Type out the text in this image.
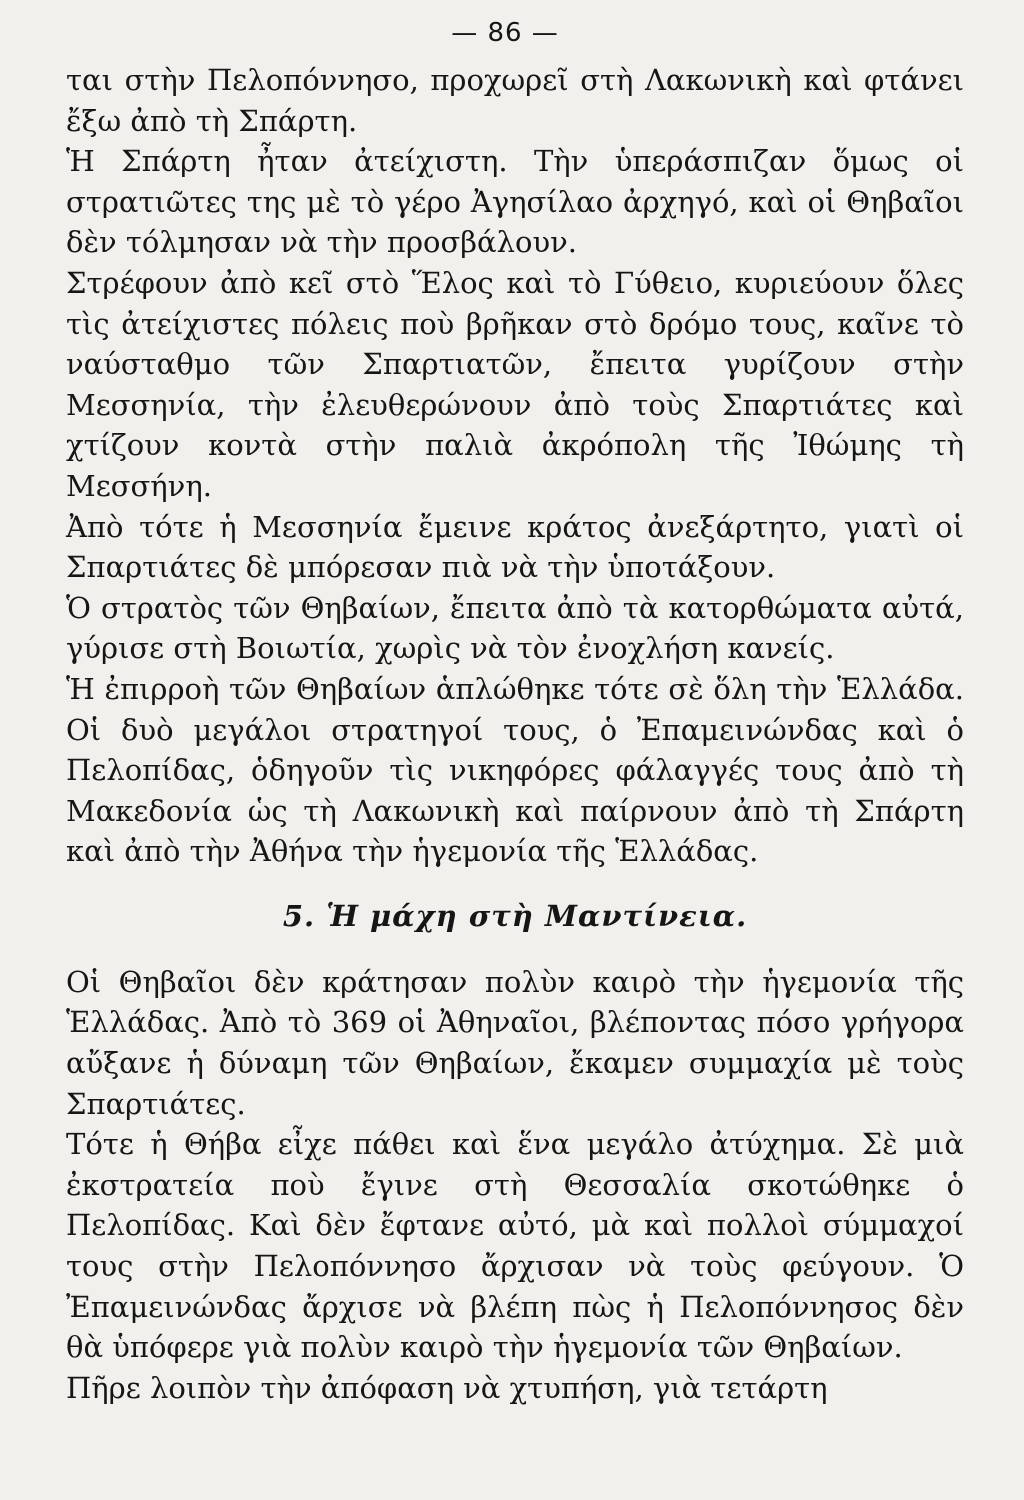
— 86 —

ται στὴν Πελοπόννησο, προχωρεῖ στὴ Λακωνικὴ καὶ φτάνει ἔξω ἀπὸ τὴ Σπάρτη.

Ἡ Σπάρτη ἦταν ἀτείχιστη. Τὴν ὑπεράσπιζαν ὅμως οἱ στρατιῶτες της μὲ τὸ γέρο Ἀγησίλαο ἀρχηγό, καὶ οἱ Θηβαῖοι δὲν τόλμησαν νὰ τὴν προσβάλουν.

Στρέφουν ἀπὸ κεῖ στὸ Ἕλος καὶ τὸ Γύθειο, κυριεύουν ὅλες τὶς ἀτείχιστες πόλεις ποὺ βρῆκαν στὸ δρόμο τους, καῖνε τὸ ναύσταθμο τῶν Σπαρτιατῶν, ἔπειτα γυρίζουν στὴν Μεσσηνία, τὴν ἐλευθερώνουν ἀπὸ τοὺς Σπαρτιάτες καὶ χτίζουν κοντὰ στὴν παλιὰ ἀκρόπολη τῆς Ἰθώμης τὴ Μεσσήνη.

Ἀπὸ τότε ἡ Μεσσηνία ἔμεινε κράτος ἀνεξάρτητο, γιατὶ οἱ Σπαρτιάτες δὲ μπόρεσαν πιὰ νὰ τὴν ὑποτάξουν.

Ὁ στρατὸς τῶν Θηβαίων, ἔπειτα ἀπὸ τὰ κατορθώματα αὐτά, γύρισε στὴ Βοιωτία, χωρὶς νὰ τὸν ἐνοχλήση κανείς.

Ἡ ἐπιρροὴ τῶν Θηβαίων ἁπλώθηκε τότε σὲ ὅλη τὴν Ἑλλάδα. Οἱ δυὸ μεγάλοι στρατηγοί τους, ὁ Ἐπαμεινώνδας καὶ ὁ Πελοπίδας, ὁδηγοῦν τὶς νικηφόρες φάλαγγές τους ἀπὸ τὴ Μακεδονία ὡς τὴ Λακωνικὴ καὶ παίρνουν ἀπὸ τὴ Σπάρτη καὶ ἀπὸ τὴν Ἀθήνα τὴν ἡγεμονία τῆς Ἑλλάδας.

5. Ἡ μάχη στὴ Μαντίνεια.

Οἱ Θηβαῖοι δὲν κράτησαν πολὺν καιρὸ τὴν ἡγεμονία τῆς Ἑλλάδας. Ἀπὸ τὸ 369 οἱ Ἀθηναῖοι, βλέποντας πόσο γρήγορα αὔξανε ἡ δύναμη τῶν Θηβαίων, ἔκαμεν συμμαχία μὲ τοὺς Σπαρτιάτες.

Τότε ἡ Θήβα εἶχε πάθει καὶ ἕνα μεγάλο ἀτύχημα. Σὲ μιὰ ἐκστρατεία ποὺ ἔγινε στὴ Θεσσαλία σκοτώθηκε ὁ Πελοπίδας. Καὶ δὲν ἔφτανε αὐτό, μὰ καὶ πολλοὶ σύμμαχοί τους στὴν Πελοπόννησο ἄρχισαν νὰ τοὺς φεύγουν. Ὁ Ἐπαμεινώνδας ἄρχισε νὰ βλέπη πὼς ἡ Πελοπόννησος δὲν θὰ ὑπόφερε γιὰ πολὺν καιρὸ τὴν ἡγεμονία τῶν Θηβαίων.

Πῆρε λοιπὸν τὴν ἀπόφαση νὰ χτυπήση, γιὰ τετάρτη
